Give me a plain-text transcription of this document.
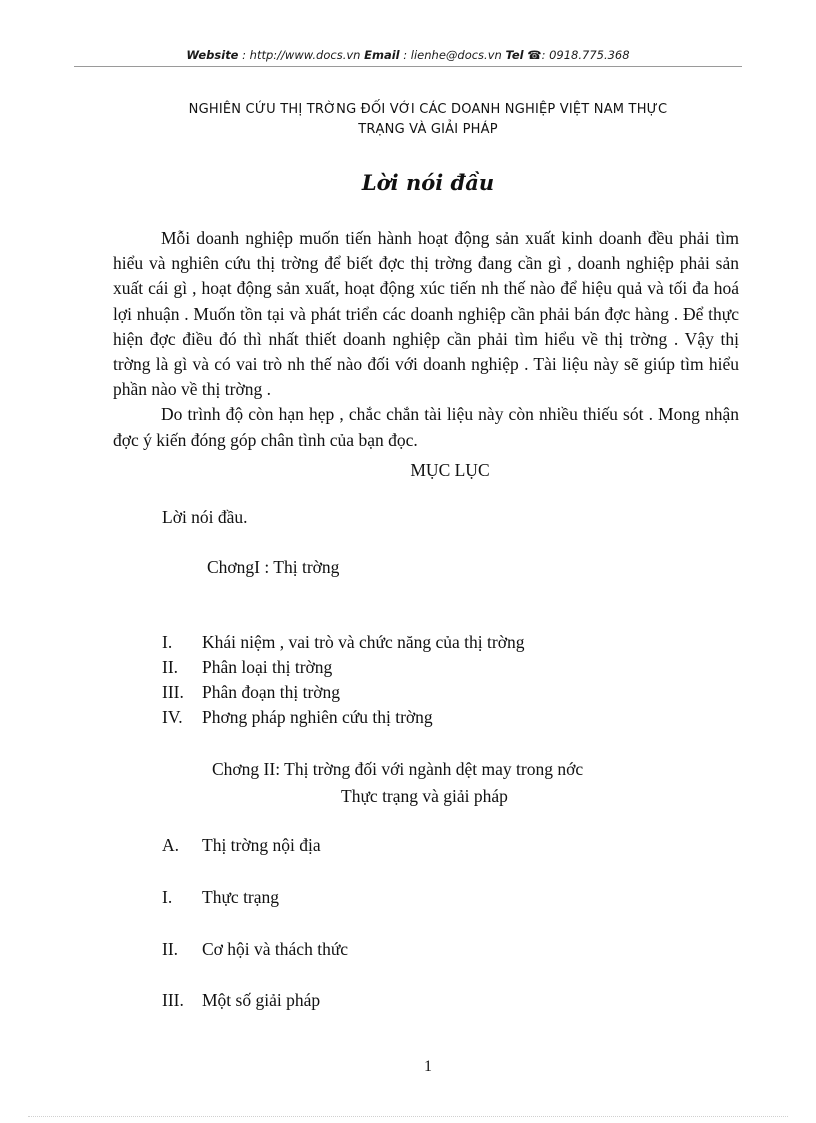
Website : http://www.docs.vn Email : lienhe@docs.vn Tel ☎: 0918.775.368
NGHIÊN CỨU THỊ TRỜNG ĐỐI VỚI CÁC DOANH NGHIỆP VIỆT NAM THỰC
TRẠNG VÀ GIẢI PHÁP
Lời nói đầu

Mỗi doanh nghiệp muốn tiến hành hoạt động sản xuất kinh doanh đều phải tìm hiểu và nghiên cứu thị trờng để biết đợc thị trờng đang cần gì , doanh nghiệp phải sản xuất cái gì , hoạt động sản xuất, hoạt động xúc tiến nh thế nào để hiệu quả và tối đa hoá lợi nhuận . Muốn tồn tại và phát triển các doanh nghiệp cần phải bán đợc hàng . Để thực hiện đợc điều đó thì nhất thiết doanh nghiệp cần phải tìm hiểu về thị trờng . Vậy thị trờng là gì và có vai trò nh thế nào đối với doanh nghiệp . Tài liệu này sẽ giúp tìm hiểu phần nào về thị trờng .

Do trình độ còn hạn hẹp , chắc chắn tài liệu này còn nhiều thiếu sót . Mong nhận đợc ý kiến đóng góp chân tình của bạn đọc.

MỤC LỤC
Lời nói đầu.
ChơngI : Thị trờng
I. Khái niệm , vai trò và chức năng của thị trờng
II. Phân loại thị trờng
III. Phân đoạn thị trờng
IV. Phơng pháp nghiên cứu thị trờng
Chơng II: Thị trờng đối với ngành dệt may trong nớc
Thực trạng và giải pháp
A. Thị trờng nội địa
I. Thực trạng
II. Cơ hội và thách thức
III. Một số giải pháp
1
